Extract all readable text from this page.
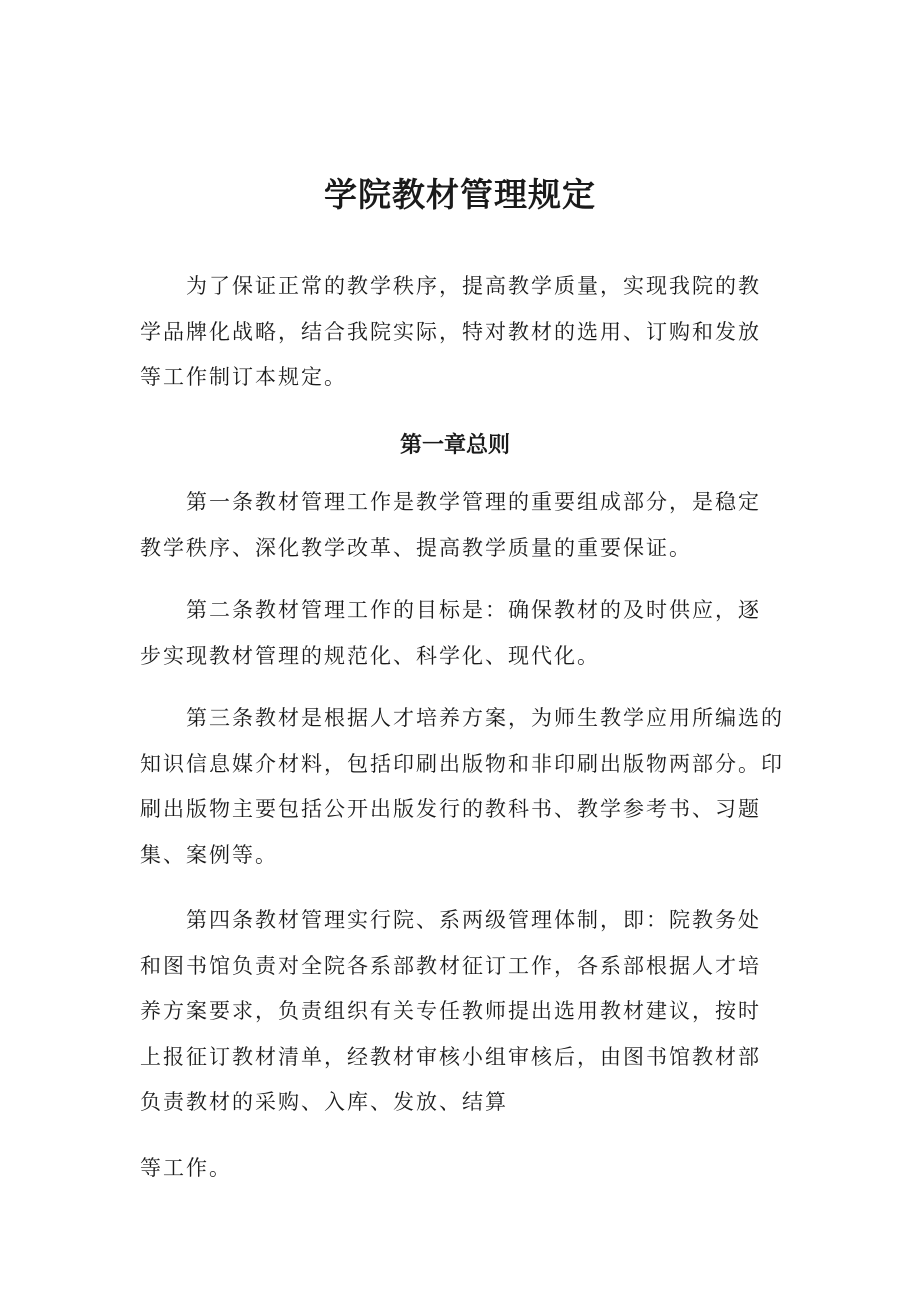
学院教材管理规定

为了保证正常的教学秩序，提高教学质量，实现我院的教学品牌化战略，结合我院实际，特对教材的选用、订购和发放等工作制订本规定。

第一章总则

第一条教材管理工作是教学管理的重要组成部分，是稳定教学秩序、深化教学改革、提高教学质量的重要保证。

第二条教材管理工作的目标是：确保教材的及时供应，逐步实现教材管理的规范化、科学化、现代化。

第三条教材是根据人才培养方案，为师生教学应用所编选的知识信息媒介材料，包括印刷出版物和非印刷出版物两部分。印刷出版物主要包括公开出版发行的教科书、教学参考书、习题集、案例等。

第四条教材管理实行院、系两级管理体制，即：院教务处和图书馆负责对全院各系部教材征订工作，各系部根据人才培养方案要求，负责组织有关专任教师提出选用教材建议，按时上报征订教材清单，经教材审核小组审核后，由图书馆教材部负责教材的采购、入库、发放、结算

等工作。
